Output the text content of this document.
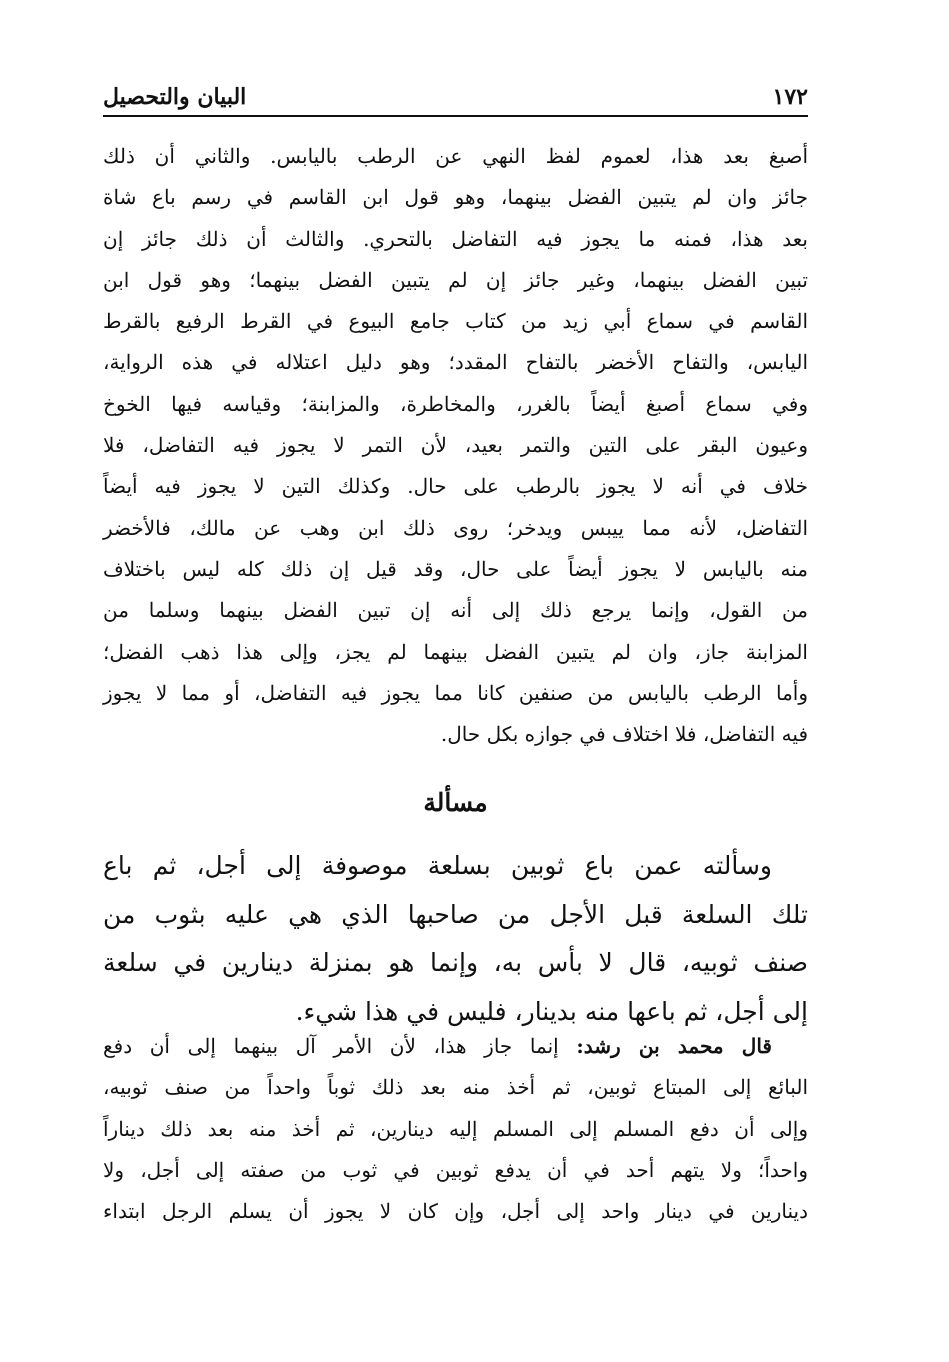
١٧٢
البيان والتحصيل
أصبغ بعد هذا، لعموم لفظ النهي عن الرطب باليابس. والثاني أن ذلك
جائز وان لم يتبين الفضل بينهما، وهو قول ابن القاسم في رسم باع شاة
بعد هذا، فمنه ما يجوز فيه التفاضل بالتحري. والثالث أن ذلك جائز إن
تبين الفضل بينهما، وغير جائز إن لم يتبين الفضل بينهما؛ وهو قول ابن
القاسم في سماع أبي زيد من كتاب جامع البيوع في القرط الرفيع بالقرط
اليابس، والتفاح الأخضر بالتفاح المقدد؛ وهو دليل اعتلاله في هذه الرواية،
وفي سماع أصبغ أيضاً بالغرر، والمخاطرة، والمزابنة؛ وقياسه فيها الخوخ
وعيون البقر على التين والتمر بعيد، لأن التمر لا يجوز فيه التفاضل، فلا
خلاف في أنه لا يجوز بالرطب على حال. وكذلك التين لا يجوز فيه أيضاً
التفاضل، لأنه مما ييبس ويدخر؛ روى ذلك ابن وهب عن مالك، فالأخضر
منه باليابس لا يجوز أيضاً على حال، وقد قيل إن ذلك كله ليس باختلاف
من القول، وإنما يرجع ذلك إلى أنه إن تبين الفضل بينهما وسلما من
المزابنة جاز، وان لم يتبين الفضل بينهما لم يجز، وإلى هذا ذهب الفضل؛
وأما الرطب باليابس من صنفين كانا مما يجوز فيه التفاضل، أو مما لا يجوز
فيه التفاضل، فلا اختلاف في جوازه بكل حال.
مسألة
وسألته عمن باع ثوبين بسلعة موصوفة إلى أجل، ثم باع
تلك السلعة قبل الأجل من صاحبها الذي هي عليه بثوب من
صنف ثوبيه، قال لا بأس به، وإنما هو بمنزلة دينارين في سلعة
إلى أجل، ثم باعها منه بدينار، فليس في هذا شيء.
قال محمد بن رشد: إنما جاز هذا، لأن الأمر آل بينهما إلى أن دفع
البائع إلى المبتاع ثوبين، ثم أخذ منه بعد ذلك ثوباً واحداً من صنف ثوبيه،
وإلى أن دفع المسلم إلى المسلم إليه دينارين، ثم أخذ منه بعد ذلك ديناراً
واحداً؛ ولا يتهم أحد في أن يدفع ثوبين في ثوب من صفته إلى أجل، ولا
دينارين في دينار واحد إلى أجل، وإن كان لا يجوز أن يسلم الرجل ابتداء
